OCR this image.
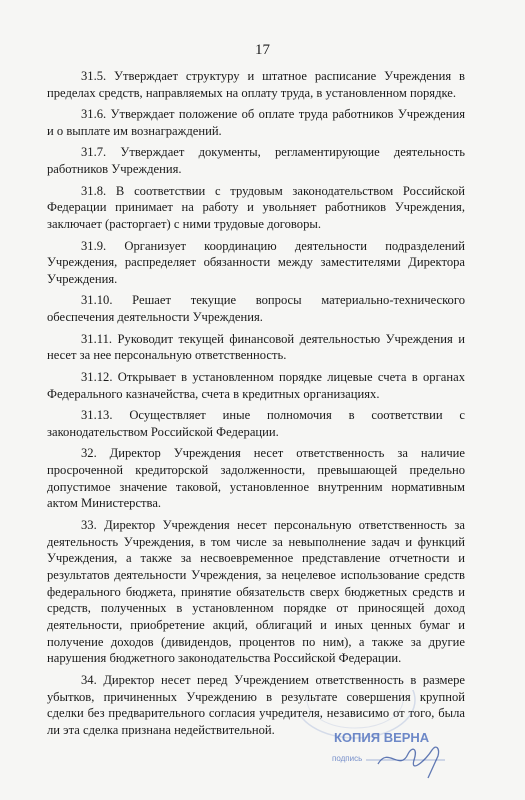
17

31.5. Утверждает структуру и штатное расписание Учреждения в пределах средств, направляемых на оплату труда, в установленном порядке.

31.6. Утверждает положение об оплате труда работников Учреждения и о выплате им вознаграждений.

31.7. Утверждает документы, регламентирующие деятельность работников Учреждения.

31.8. В соответствии с трудовым законодательством Российской Федерации принимает на работу и увольняет работников Учреждения, заключает (расторгает) с ними трудовые договоры.

31.9. Организует координацию деятельности подразделений Учреждения, распределяет обязанности между заместителями Директора Учреждения.

31.10. Решает текущие вопросы материально-технического обеспечения деятельности Учреждения.

31.11. Руководит текущей финансовой деятельностью Учреждения и несет за нее персональную ответственность.

31.12. Открывает в установленном порядке лицевые счета в органах Федерального казначейства, счета в кредитных организациях.

31.13. Осуществляет иные полномочия в соответствии с законодательством Российской Федерации.

32. Директор Учреждения несет ответственность за наличие просроченной кредиторской задолженности, превышающей предельно допустимое значение таковой, установленное внутренним нормативным актом Министерства.

33. Директор Учреждения несет персональную ответственность за деятельность Учреждения, в том числе за невыполнение задач и функций Учреждения, а также за несвоевременное представление отчетности и результатов деятельности Учреждения, за нецелевое использование средств федерального бюджета, принятие обязательств сверх бюджетных средств и средств, полученных в установленном порядке от приносящей доход деятельности, приобретение акций, облигаций и иных ценных бумаг и получение доходов (дивидендов, процентов по ним), а также за другие нарушения бюджетного законодательства Российской Федерации.

34. Директор несет перед Учреждением ответственность в размере убытков, причиненных Учреждению в результате совершения крупной сделки без предварительного согласия учредителя, независимо от того, была ли эта сделка признана недействительной.	КОПИЯ ВЕРНА
подпись
